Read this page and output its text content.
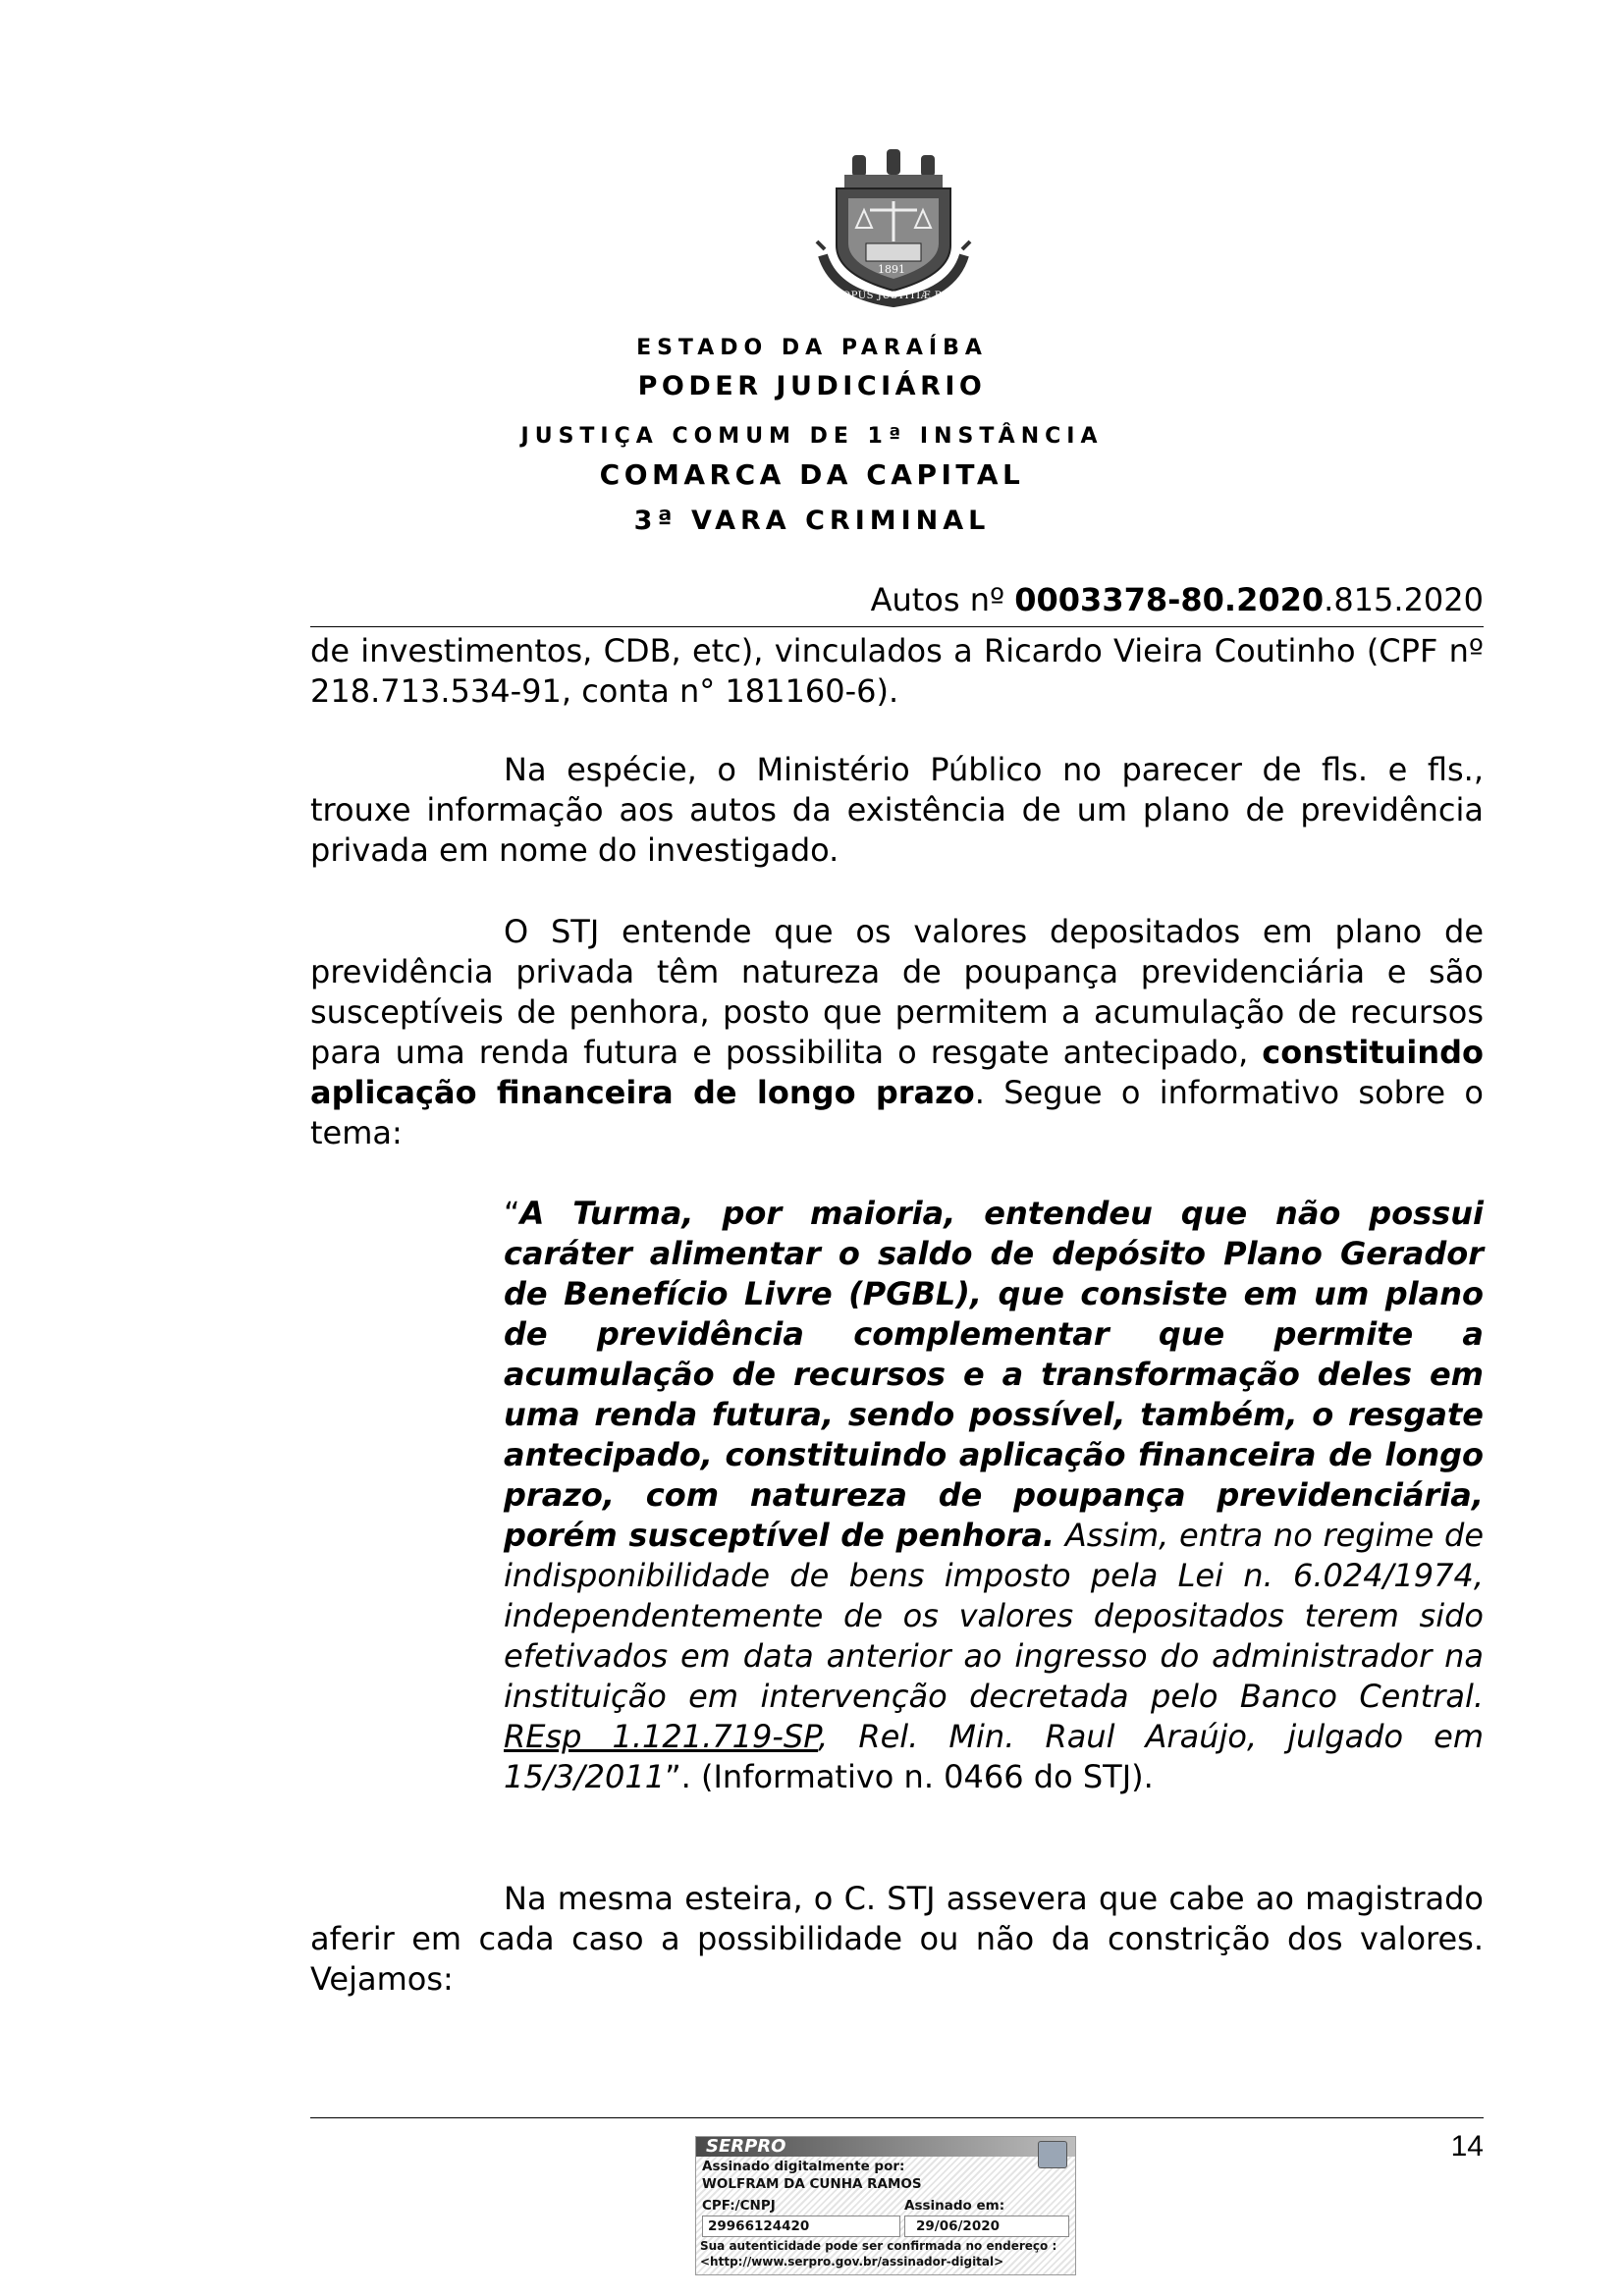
1891
OPUS JUSTITIÆ PAX
ESTADO DA PARAÍBA
PODER JUDICIÁRIO
JUSTIÇA COMUM DE 1ª INSTÂNCIA
COMARCA DA CAPITAL
3ª VARA CRIMINAL
Autos nº 0003378-80.2020.815.2020
de investimentos, CDB, etc), vinculados a Ricardo Vieira Coutinho (CPF nº 218.713.534-91, conta n° 181160-6).
Na espécie, o Ministério Público no parecer de fls. e fls., trouxe informação aos autos da existência de um plano de previdência privada em nome do investigado.
O STJ entende que os valores depositados em plano de previdência privada têm natureza de poupança previdenciária e são susceptíveis de penhora, posto que permitem a acumulação de recursos para uma renda futura e possibilita o resgate antecipado, constituindo aplicação financeira de longo prazo. Segue o informativo sobre o tema:
“A Turma, por maioria, entendeu que não possui caráter alimentar o saldo de depósito Plano Gerador de Benefício Livre (PGBL), que consiste em um plano de previdência complementar que permite a acumulação de recursos e a transformação deles em uma renda futura, sendo possível, também, o resgate antecipado, constituindo aplicação financeira de longo prazo, com natureza de poupança previdenciária, porém susceptível de penhora. Assim, entra no regime de indisponibilidade de bens imposto pela Lei n. 6.024/1974, independentemente de os valores depositados terem sido efetivados em data anterior ao ingresso do administrador na instituição em intervenção decretada pelo Banco Central. REsp 1.121.719-SP, Rel. Min. Raul Araújo, julgado em 15/3/2011”. (Informativo n. 0466 do STJ).
Na mesma esteira, o C. STJ assevera que cabe ao magistrado aferir em cada caso a possibilidade ou não da constrição dos valores. Vejamos:
14
SERPRO
Assinado digitalmente por:
WOLFRAM DA CUNHA RAMOS
CPF:/CNPJ	Assinado em:
29966124420	29/06/2020
Sua autenticidade pode ser confirmada no endereço :
<http://www.serpro.gov.br/assinador-digital>
